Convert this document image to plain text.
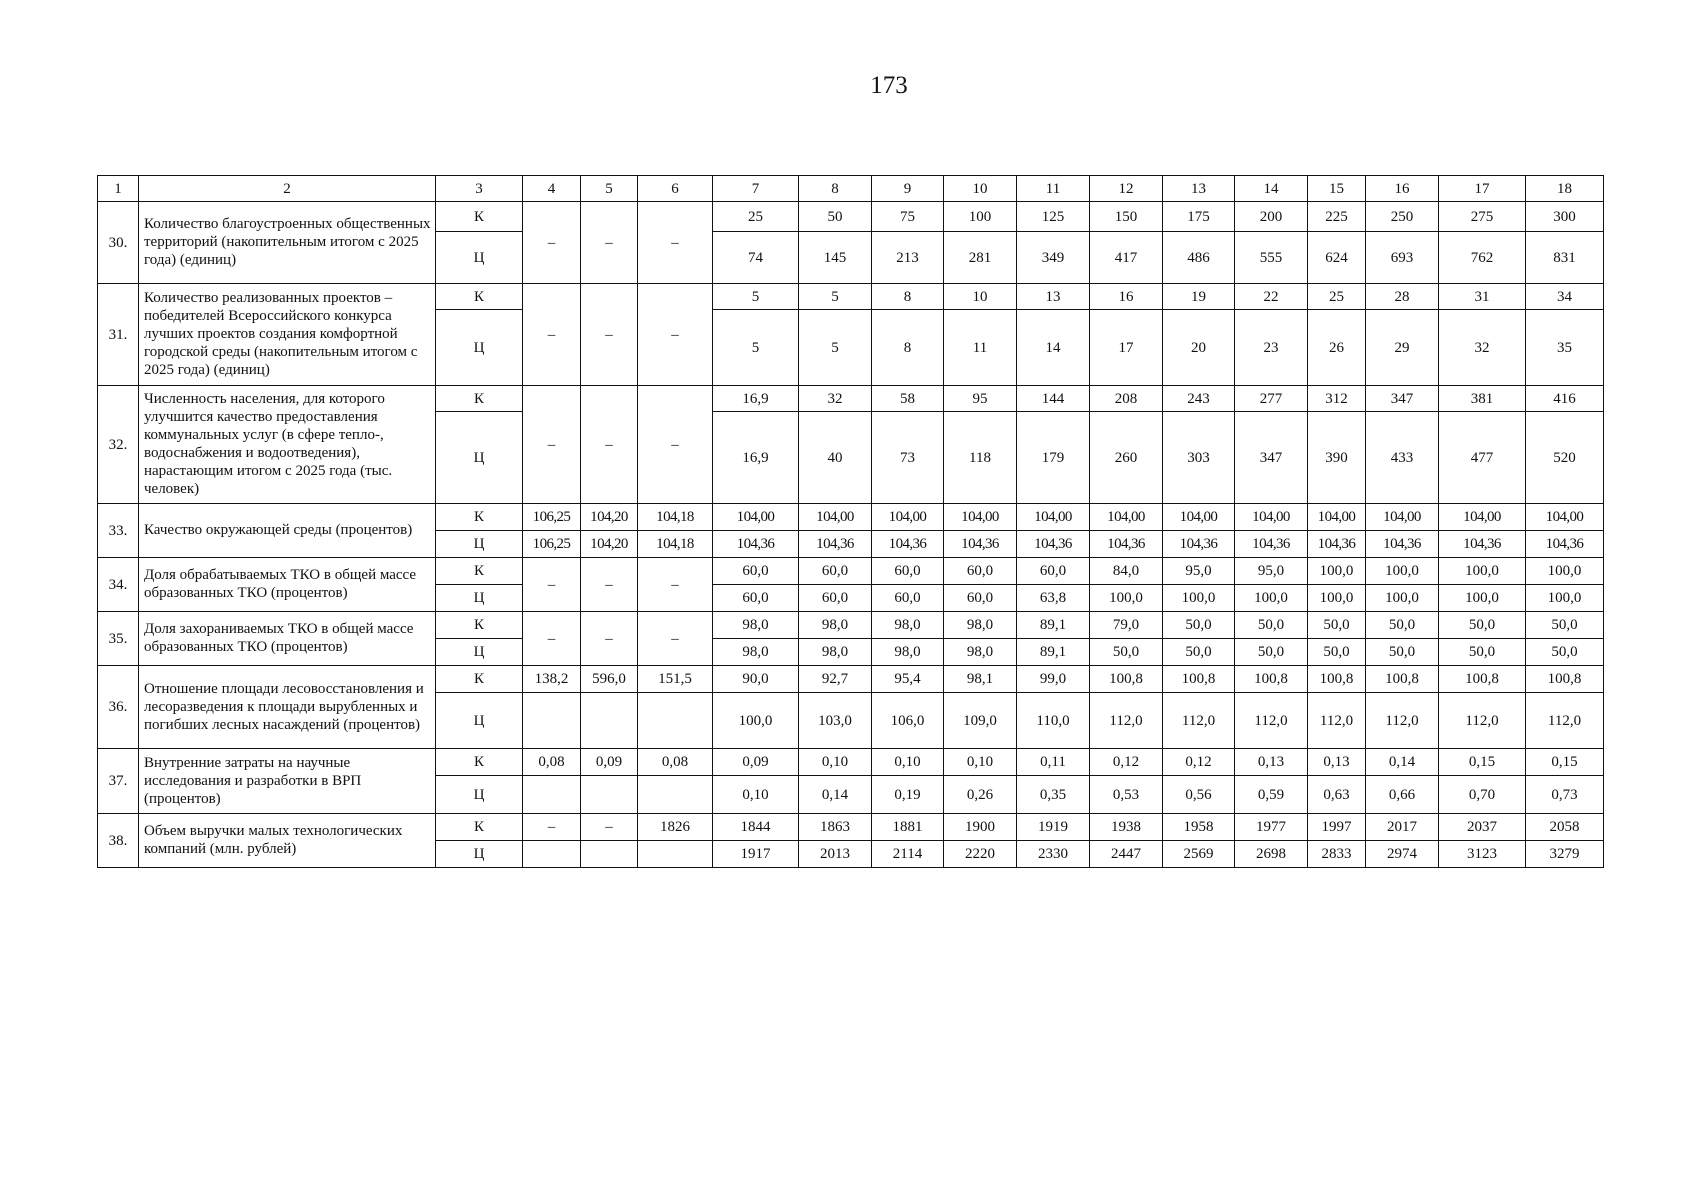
173
1	2	3	4	5	6	7	8	9	10	11	12	13	14	15	16	17	18
30.	Количество благоустроенных общественных территорий (накопительным итогом с 2025 года) (единиц)	К	–	–	–	25	50	75	100	125	150	175	200	225	250	275	300
		Ц				74	145	213	281	349	417	486	555	624	693	762	831
31.	Количество реализованных проектов – победителей Всероссийского конкурса лучших проектов создания комфортной городской среды (накопительным итогом с 2025 года) (единиц)	К	–	–	–	5	5	8	10	13	16	19	22	25	28	31	34
		Ц				5	5	8	11	14	17	20	23	26	29	32	35
32.	Численность населения, для которого улучшится качество предоставления коммунальных услуг (в сфере тепло-, водоснабжения и водоотведения), нарастающим итогом с 2025 года (тыс. человек)	К	–	–	–	16,9	32	58	95	144	208	243	277	312	347	381	416
		Ц				16,9	40	73	118	179	260	303	347	390	433	477	520
33.	Качество окружающей среды (процентов)	К	106,25	104,20	104,18	104,00	104,00	104,00	104,00	104,00	104,00	104,00	104,00	104,00	104,00	104,00	104,00
		Ц	106,25	104,20	104,18	104,36	104,36	104,36	104,36	104,36	104,36	104,36	104,36	104,36	104,36	104,36	104,36
34.	Доля обрабатываемых ТКО в общей массе образованных ТКО (процентов)	К	–	–	–	60,0	60,0	60,0	60,0	60,0	84,0	95,0	95,0	100,0	100,0	100,0	100,0
		Ц				60,0	60,0	60,0	60,0	63,8	100,0	100,0	100,0	100,0	100,0	100,0	100,0
35.	Доля захораниваемых ТКО в общей массе образованных ТКО (процентов)	К	–	–	–	98,0	98,0	98,0	98,0	89,1	79,0	50,0	50,0	50,0	50,0	50,0	50,0
		Ц				98,0	98,0	98,0	98,0	89,1	50,0	50,0	50,0	50,0	50,0	50,0	50,0
36.	Отношение площади лесовосстановления и лесоразведения к площади вырубленных и погибших лесных насаждений (процентов)	К	138,2	596,0	151,5	90,0	92,7	95,4	98,1	99,0	100,8	100,8	100,8	100,8	100,8	100,8	100,8
		Ц				100,0	103,0	106,0	109,0	110,0	112,0	112,0	112,0	112,0	112,0	112,0	112,0
37.	Внутренние затраты на научные исследования и разработки в ВРП (процентов)	К	0,08	0,09	0,08	0,09	0,10	0,10	0,10	0,11	0,12	0,12	0,13	0,13	0,14	0,15	0,15
		Ц				0,10	0,14	0,19	0,26	0,35	0,53	0,56	0,59	0,63	0,66	0,70	0,73
38.	Объем выручки малых технологических компаний (млн. рублей)	К	–	–	1826	1844	1863	1881	1900	1919	1938	1958	1977	1997	2017	2037	2058
		Ц				1917	2013	2114	2220	2330	2447	2569	2698	2833	2974	3123	3279
